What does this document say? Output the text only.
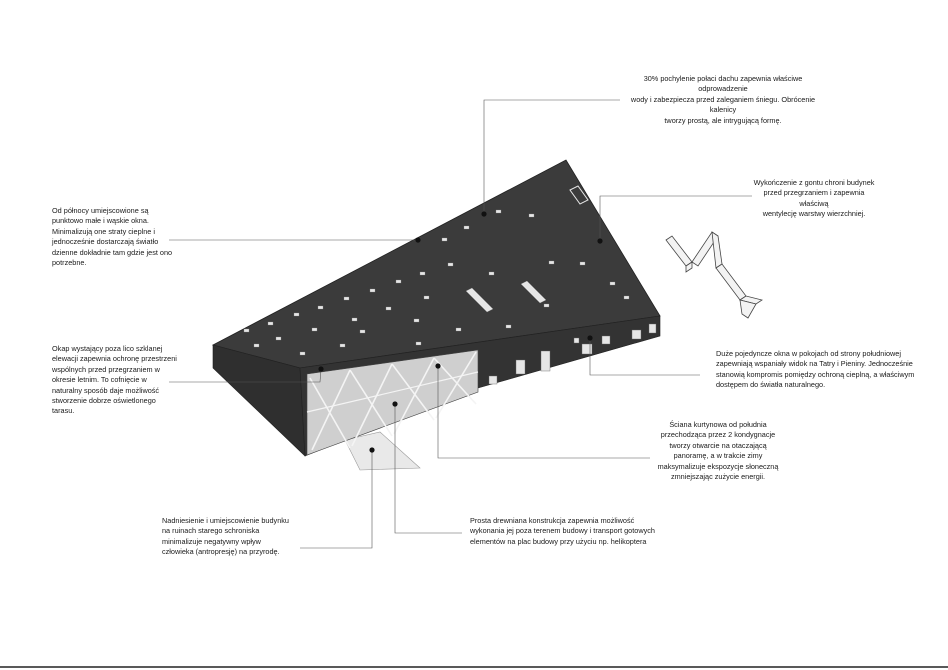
30% pochylenie połaci dachu zapewnia właściwe odprowadzenie
wody i zabezpiecza przed zaleganiem śniegu. Obrócenie kalenicy
tworzy prostą, ale intrygującą formę.
Wykończenie z gontu chroni budynek
przed przegrzaniem i zapewnia właściwą
wentylecję warstwy wierzchniej.
Od północy umiejscowione są
punktowo małe i wąskie okna.
Minimalizują one straty cieplne i
jednocześnie dostarczają światło
dzienne dokładnie tam gdzie jest ono
potrzebne.
Okap wystający poza lico szklanej
elewacji zapewnia ochronę przestrzeni
wspólnych przed przegrzaniem w
okresie letnim. To cofnięcie w
naturalny sposób daje możliwość
stworzenie dobrze oświetlonego
tarasu.
Duże pojedyncze okna w pokojach od strony południowej
zapewniają wspaniały widok na Tatry i Pieniny. Jednocześnie
stanowią kompromis pomiędzy ochroną cieplną, a właściwym
dostępem do światła naturalnego.
Ściana kurtynowa od południa
przechodząca przez 2 kondygnacje
tworzy otwarcie na otaczającą
panoramę, a w trakcie zimy
maksymalizuje ekspozycje słoneczną
zmniejszając zużycie energii.
Nadniesienie i umiejscowienie budynku
na ruinach starego schroniska
minimalizuje negatywny wpływ
człowieka (antropresję) na przyrodę.
Prosta drewniana konstrukcja zapewnia możliwość
wykonania jej poza terenem budowy i transport gotowych
elementów na plac budowy przy użyciu np. helikoptera
